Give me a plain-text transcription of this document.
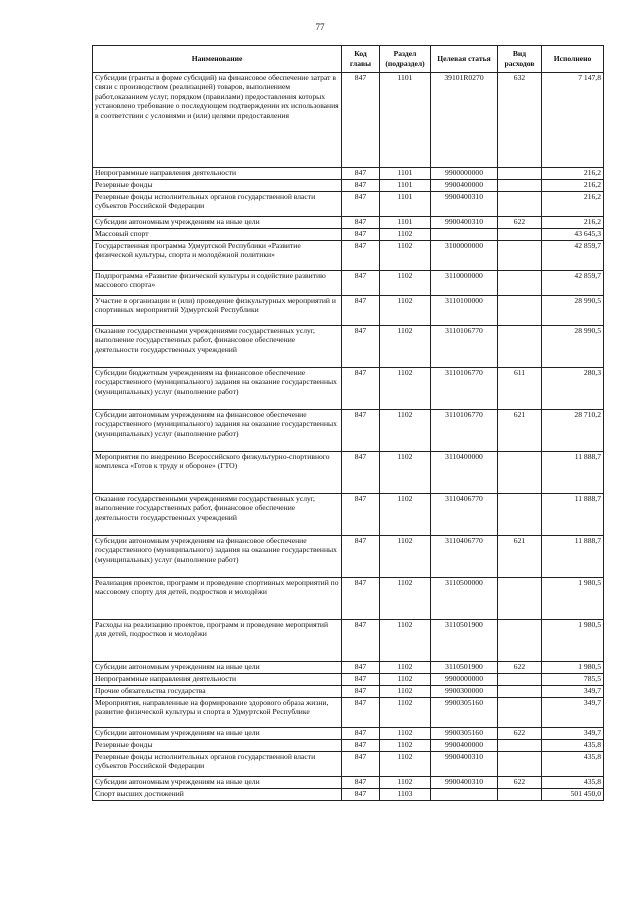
77
Наименование	Код главы	Раздел (подраздел)	Целевая статья	Вид расходов	Исполнено
Субсидии (гранты в форме субсидий) на финансовое обеспечение затрат в связи с производством (реализацией) товаров, выполнением работ,оказанием услуг, порядком (правилами) предоставления которых установлено требование о последующем подтверждении их использования в соответствии с условиями и (или) целями предоставления	847	1101	39101R0270	632	7 147,8
Непрограммные направления деятельности	847	1101	9900000000		216,2
Резервные фонды	847	1101	9900400000		216,2
Резервные фонды исполнительных органов государственной власти субъектов Российской Федерации	847	1101	9900400310		216,2
Субсидии автономным учреждениям на иные цели	847	1101	9900400310	622	216,2
Массовый спорт	847	1102			43 645,3
Государственная программа Удмуртской Республики «Развитие физической культуры, спорта и молодёжной политики»	847	1102	3100000000		42 859,7
Подпрограмма «Развитие физической культуры и содействие развитию массового спорта»	847	1102	3110000000		42 859,7
Участие в организации и (или) проведение физкультурных мероприятий и спортивных мероприятий Удмуртской Республики	847	1102	3110100000		28 990,5
Оказание государственными учреждениями государственных услуг, выполнение государственных работ, финансовое обеспечение деятельности государственных учреждений	847	1102	3110106770		28 990,5
Субсидии бюджетным учреждениям на финансовое обеспечение государственного (муниципального) задания на оказание государственных (муниципальных) услуг (выполнение работ)	847	1102	3110106770	611	280,3
Субсидии автономным учреждениям на финансовое обеспечение государственного (муниципального) задания на оказание государственных (муниципальных) услуг (выполнение работ)	847	1102	3110106770	621	28 710,2
Мероприятия по внедрению Всероссийского физкультурно-спортивного комплекса «Готов к труду и обороне» (ГТО)	847	1102	3110400000		11 888,7
Оказание государственными учреждениями государственных услуг, выполнение государственных работ, финансовое обеспечение деятельности государственных учреждений	847	1102	3110406770		11 888,7
Субсидии автономным учреждениям на финансовое обеспечение государственного (муниципального) задания на оказание государственных (муниципальных) услуг (выполнение работ)	847	1102	3110406770	621	11 888,7
Реализация проектов, программ и проведение спортивных мероприятий по массовому спорту для детей, подростков и молодёжи	847	1102	3110500000		1 980,5
Расходы на реализацию проектов, программ и проведение мероприятий для детей, подростков и молодёжи	847	1102	3110501900		1 980,5
Субсидии автономным учреждениям на иные цели	847	1102	3110501900	622	1 980,5
Непрограммные направления деятельности	847	1102	9900000000		785,5
Прочие обязательства государства	847	1102	9900300000		349,7
Мероприятия, направленные на формирование здорового образа жизни, развитие физической культуры и спорта в Удмуртской Республике	847	1102	9900305160		349,7
Субсидии автономным учреждениям на иные цели	847	1102	9900305160	622	349,7
Резервные фонды	847	1102	9900400000		435,8
Резервные фонды исполнительных органов государственной власти субъектов Российской Федерации	847	1102	9900400310		435,8
Субсидии автономным учреждениям на иные цели	847	1102	9900400310	622	435,8
Спорт высших достижений	847	1103			501 450,0
